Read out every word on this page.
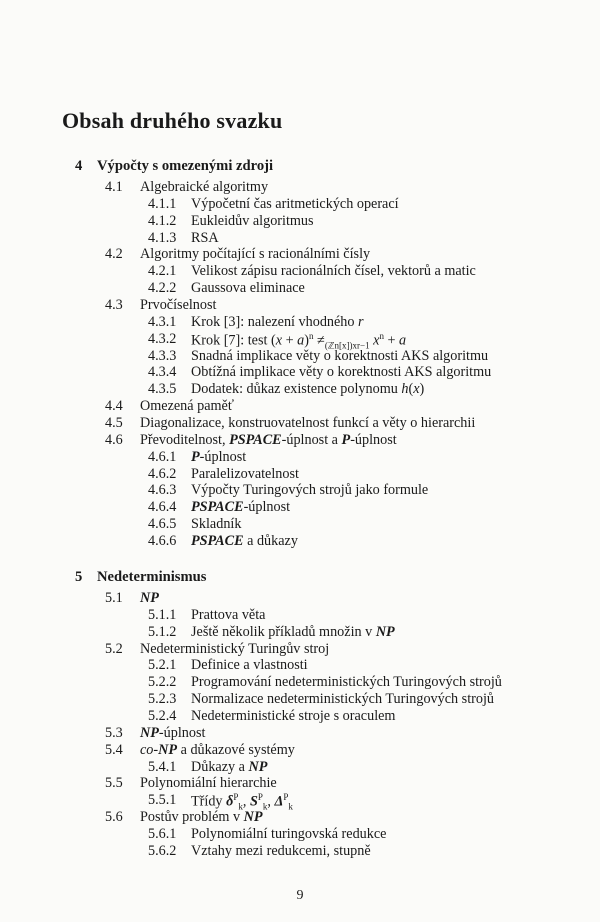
Obsah druhého svazku
4 Výpočty s omezenými zdroji
4.1 Algebraické algoritmy
4.1.1 Výpočetní čas aritmetických operací
4.1.2 Eukleidův algoritmus
4.1.3 RSA
4.2 Algoritmy počítající s racionálními čísly
4.2.1 Velikost zápisu racionálních čísel, vektorů a matic
4.2.2 Gaussova eliminace
4.3 Prvočíselnost
4.3.1 Krok [3]: nalezení vhodného r
4.3.2 Krok [7]: test $(x + a)^n \ne_{(ℤn[x])xr-1}$ $x^n + a$
4.3.3 Snadná implikace věty o korektnosti AKS algoritmu
4.3.4 Obtížná implikace věty o korektnosti AKS algoritmu
4.3.5 Dodatek: důkaz existence polynomu h(x)
4.4 Omezená paměť
4.5 Diagonalizace, konstruovatelnost funkcí a věty o hierarchii
4.6 Převoditelnost, PSPACE-úplnost a P-úplnost
4.6.1 P-úplnost
4.6.2 Paralelizovatelnost
4.6.3 Výpočty Turingových strojů jako formule
4.6.4 PSPACE-úplnost
4.6.5 Skladník
4.6.6 PSPACE a důkazy
5 Nedeterminismus
5.1 NP
5.1.1 Prattova věta
5.1.2 Ještě několik příkladů množin v NP
5.2 Nedeterministický Turingův stroj
5.2.1 Definice a vlastnosti
5.2.2 Programování nedeterministických Turingových strojů
5.2.3 Normalizace nedeterministických Turingových strojů
5.2.4 Nedeterministické stroje s oraculem
5.3 NP-úplnost
5.4 co-NP a důkazové systémy
5.4.1 Důkazy a NP
5.5 Polynomiální hierarchie
5.5.1 Třídy $\delta^P_k$, $S^P_k$, $\Delta^P_k$
5.6 Postův problém v NP
5.6.1 Polynomiální turingovská redukce
5.6.2 Vztahy mezi redukcemi, stupně
9
